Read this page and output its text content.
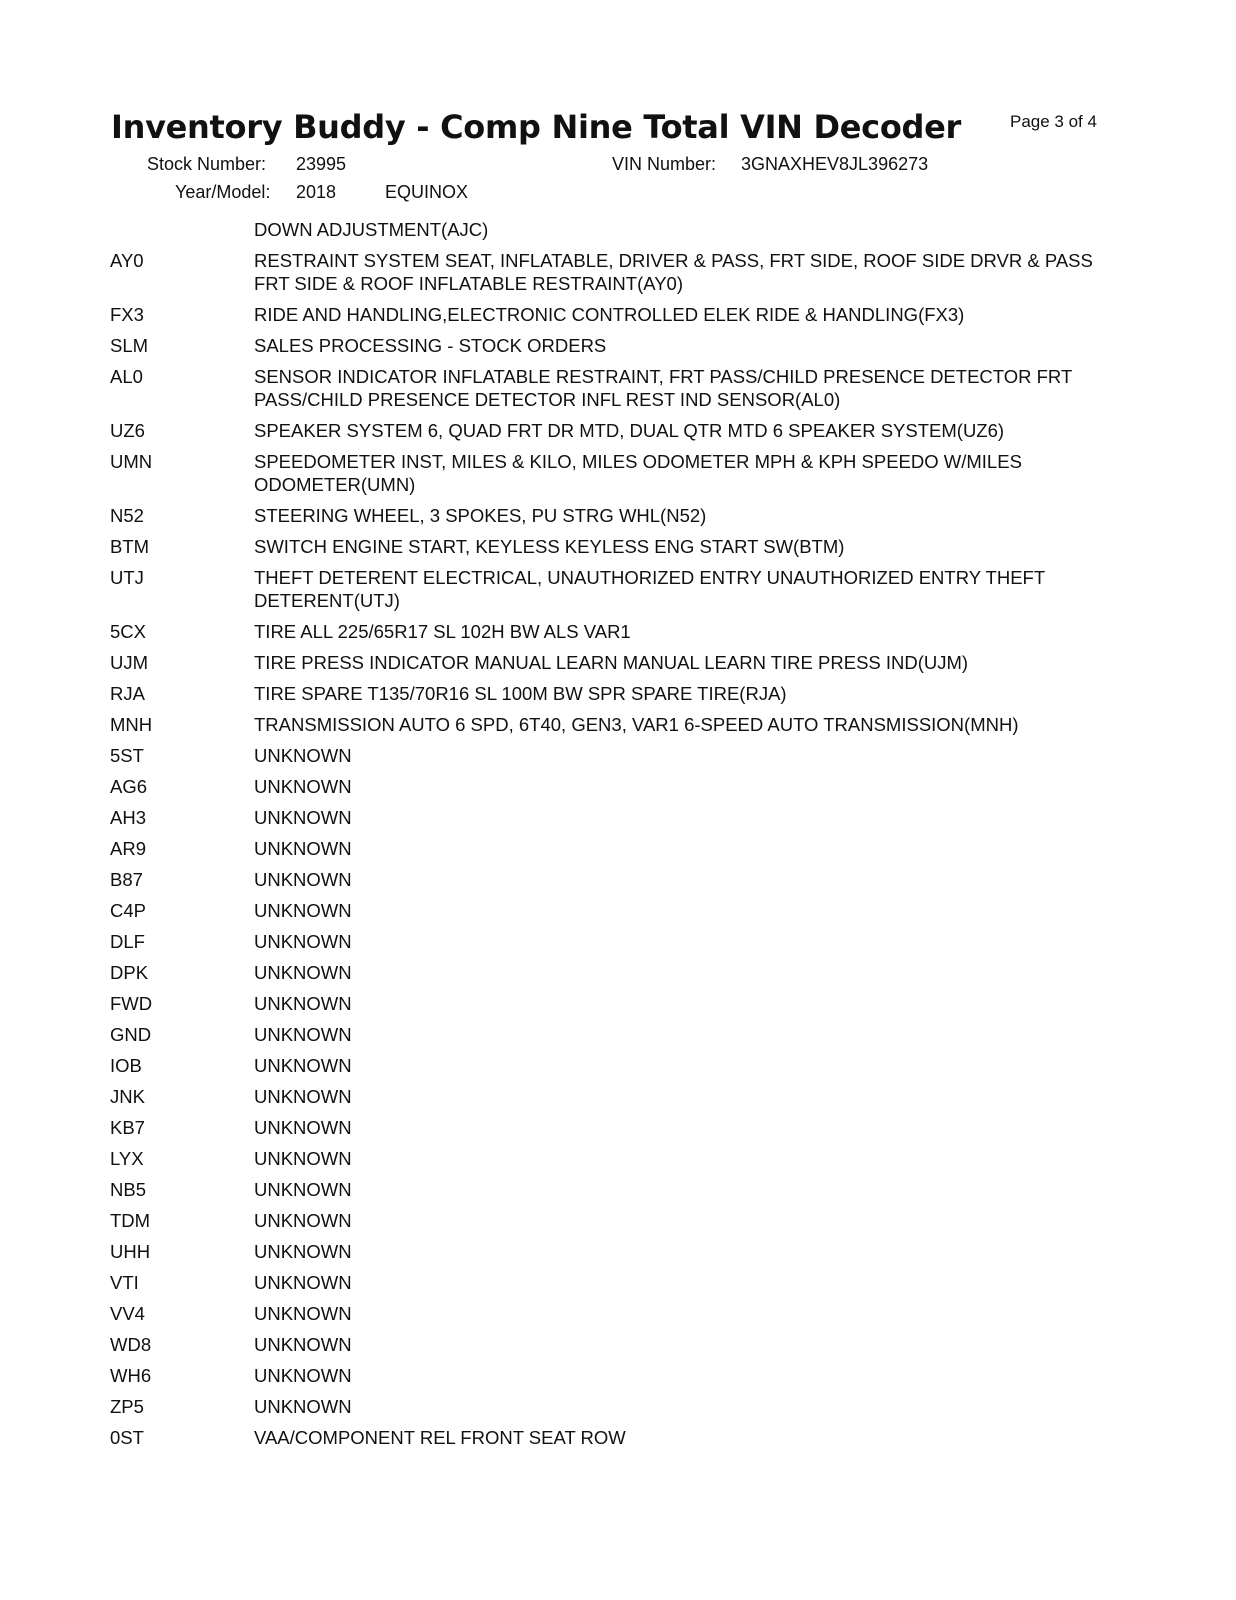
Inventory Buddy - Comp Nine Total VIN Decoder	Page 3 of 4
Stock Number: 23995	VIN Number: 3GNAXHEV8JL396273
Year/Model: 2018	EQUINOX
DOWN ADJUSTMENT(AJC)
AY0	RESTRAINT SYSTEM SEAT, INFLATABLE, DRIVER & PASS, FRT SIDE, ROOF SIDE DRVR & PASS FRT SIDE & ROOF INFLATABLE RESTRAINT(AY0)
FX3	RIDE AND HANDLING,ELECTRONIC CONTROLLED ELEK RIDE & HANDLING(FX3)
SLM	SALES PROCESSING - STOCK ORDERS
AL0	SENSOR INDICATOR INFLATABLE RESTRAINT, FRT PASS/CHILD PRESENCE DETECTOR FRT PASS/CHILD PRESENCE DETECTOR INFL REST IND SENSOR(AL0)
UZ6	SPEAKER SYSTEM 6, QUAD FRT DR MTD, DUAL QTR MTD 6 SPEAKER SYSTEM(UZ6)
UMN	SPEEDOMETER INST, MILES & KILO, MILES ODOMETER MPH & KPH SPEEDO W/MILES ODOMETER(UMN)
N52	STEERING WHEEL, 3 SPOKES, PU STRG WHL(N52)
BTM	SWITCH ENGINE START, KEYLESS KEYLESS ENG START SW(BTM)
UTJ	THEFT DETERENT ELECTRICAL, UNAUTHORIZED ENTRY UNAUTHORIZED ENTRY THEFT DETERENT(UTJ)
5CX	TIRE ALL 225/65R17 SL 102H BW ALS VAR1
UJM	TIRE PRESS INDICATOR MANUAL LEARN MANUAL LEARN TIRE PRESS IND(UJM)
RJA	TIRE SPARE T135/70R16 SL 100M BW SPR SPARE TIRE(RJA)
MNH	TRANSMISSION AUTO 6 SPD, 6T40, GEN3, VAR1 6-SPEED AUTO TRANSMISSION(MNH)
5ST	UNKNOWN
AG6	UNKNOWN
AH3	UNKNOWN
AR9	UNKNOWN
B87	UNKNOWN
C4P	UNKNOWN
DLF	UNKNOWN
DPK	UNKNOWN
FWD	UNKNOWN
GND	UNKNOWN
IOB	UNKNOWN
JNK	UNKNOWN
KB7	UNKNOWN
LYX	UNKNOWN
NB5	UNKNOWN
TDM	UNKNOWN
UHH	UNKNOWN
VTI	UNKNOWN
VV4	UNKNOWN
WD8	UNKNOWN
WH6	UNKNOWN
ZP5	UNKNOWN
0ST	VAA/COMPONENT REL FRONT SEAT ROW
